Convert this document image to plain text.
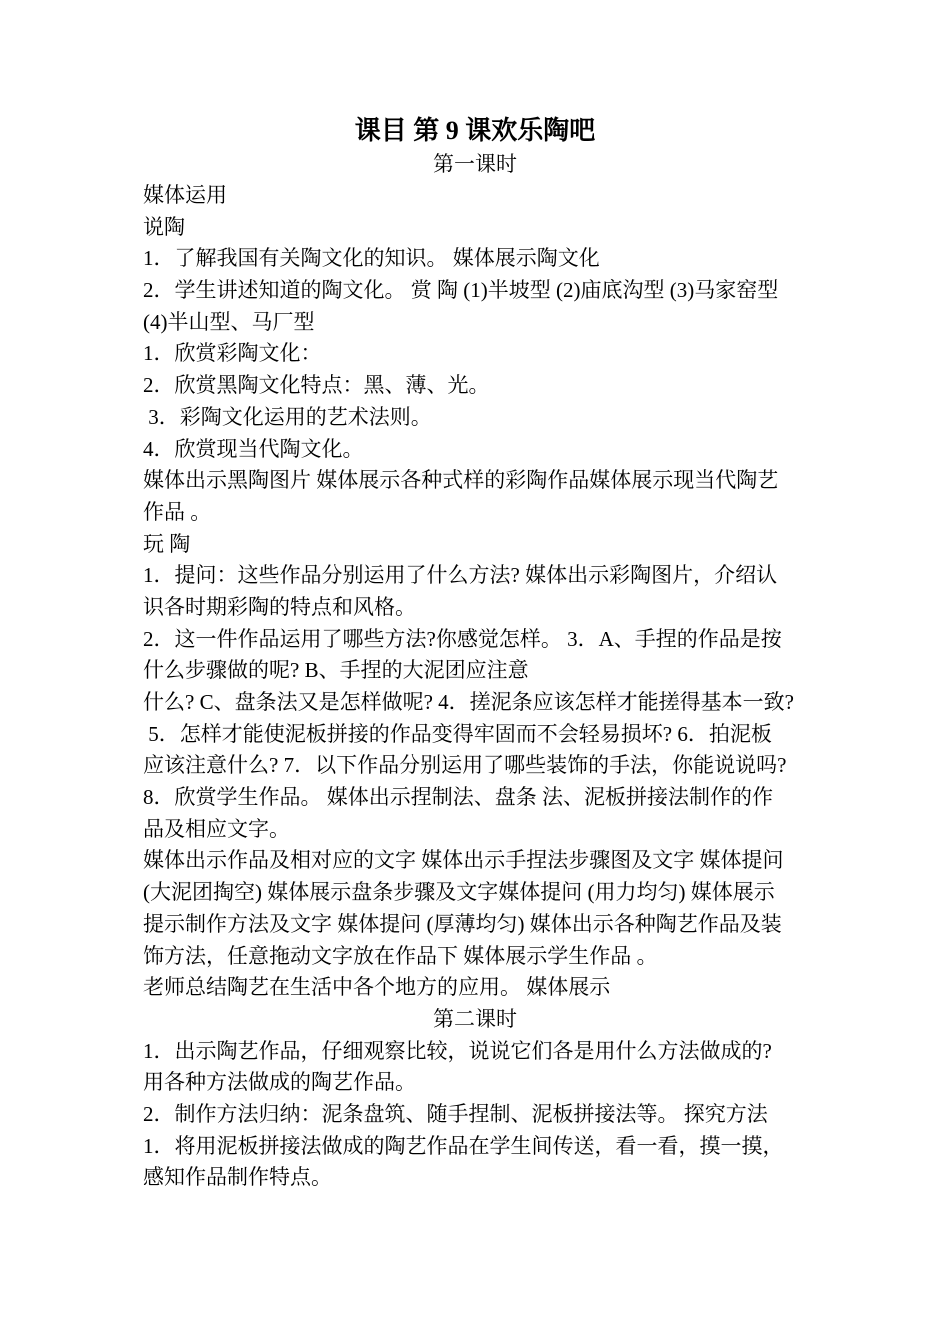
课目 第 9 课欢乐陶吧
第一课时
媒体运用
说陶
1．了解我国有关陶文化的知识。 媒体展示陶文化
2．学生讲述知道的陶文化。 赏 陶 (1)半坡型 (2)庙底沟型 (3)马家窑型
(4)半山型、马厂型
1．欣赏彩陶文化：
2．欣赏黑陶文化特点：黑、薄、光。
3．彩陶文化运用的艺术法则。
4．欣赏现当代陶文化。
媒体出示黑陶图片 媒体展示各种式样的彩陶作品媒体展示现当代陶艺
作品 。
玩 陶
1．提问：这些作品分别运用了什么方法? 媒体出示彩陶图片，介绍认
识各时期彩陶的特点和风格。
2．这一件作品运用了哪些方法?你感觉怎样。 3．A、手捏的作品是按
什么步骤做的呢? B、手捏的大泥团应注意
什么? C、盘条法又是怎样做呢? 4．搓泥条应该怎样才能搓得基本一致?
5．怎样才能使泥板拼接的作品变得牢固而不会轻易损坏? 6．拍泥板
应该注意什么? 7．以下作品分别运用了哪些装饰的手法，你能说说吗?
8．欣赏学生作品。 媒体出示捏制法、盘条 法、泥板拼接法制作的作
品及相应文字。
媒体出示作品及相对应的文字 媒体出示手捏法步骤图及文字 媒体提问
(大泥团掏空) 媒体展示盘条步骤及文字媒体提问 (用力均匀) 媒体展示
提示制作方法及文字 媒体提问 (厚薄均匀) 媒体出示各种陶艺作品及装
饰方法，任意拖动文字放在作品下 媒体展示学生作品 。
老师总结陶艺在生活中各个地方的应用。 媒体展示
第二课时
1．出示陶艺作品，仔细观察比较，说说它们各是用什么方法做成的?
用各种方法做成的陶艺作品。
2．制作方法归纳：泥条盘筑、随手捏制、泥板拼接法等。 探究方法
1．将用泥板拼接法做成的陶艺作品在学生间传送，看一看，摸一摸，
感知作品制作特点。
